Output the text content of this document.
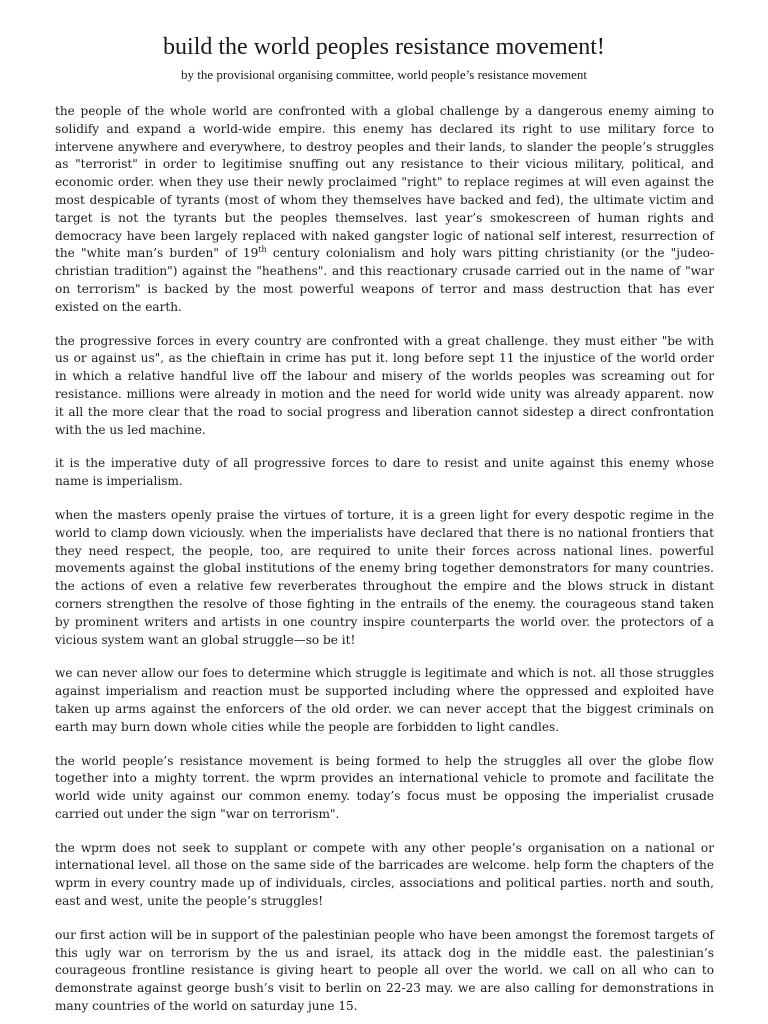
build the world peoples resistance movement!

by the provisional organising committee, world people’s resistance movement

the people of the whole world are confronted with a global challenge by a dangerous enemy aiming to solidify and expand a world-wide empire. this enemy has declared its right to use military force to intervene anywhere and everywhere, to destroy peoples and their lands, to slander the people’s struggles as "terrorist" in order to legitimise snuffing out any resistance to their vicious military, political, and economic order. when they use their newly proclaimed "right" to replace regimes at will even against the most despicable of tyrants (most of whom they themselves have backed and fed), the ultimate victim and target is not the tyrants but the peoples themselves. last year’s smokescreen of human rights and democracy have been largely replaced with naked gangster logic of national self interest, resurrection of the "white man’s burden" of 19th century colonialism and holy wars pitting christianity (or the "judeo-christian tradition") against the "heathens". and this reactionary crusade carried out in the name of "war on terrorism" is backed by the most powerful weapons of terror and mass destruction that has ever existed on the earth.

the progressive forces in every country are confronted with a great challenge. they must either "be with us or against us", as the chieftain in crime has put it. long before sept 11 the injustice of the world order in which a relative handful live off the labour and misery of the worlds peoples was screaming out for resistance. millions were already in motion and the need for world wide unity was already apparent. now it all the more clear that the road to social progress and liberation cannot sidestep a direct confrontation with the us led machine.

it is the imperative duty of all progressive forces to dare to resist and unite against this enemy whose name is imperialism.

when the masters openly praise the virtues of torture, it is a green light for every despotic regime in the world to clamp down viciously. when the imperialists have declared that there is no national frontiers that they need respect, the people, too, are required to unite their forces across national lines. powerful movements against the global institutions of the enemy bring together demonstrators for many countries. the actions of even a relative few reverberates throughout the empire and the blows struck in distant corners strengthen the resolve of those fighting in the entrails of the enemy. the courageous stand taken by prominent writers and artists in one country inspire counterparts the world over. the protectors of a vicious system want an global struggle—so be it!

we can never allow our foes to determine which struggle is legitimate and which is not. all those struggles against imperialism and reaction must be supported including where the oppressed and exploited have taken up arms against the enforcers of the old order. we can never accept that the biggest criminals on earth may burn down whole cities while the people are forbidden to light candles.

the world people’s resistance movement is being formed to help the struggles all over the globe flow together into a mighty torrent. the wprm provides an international vehicle to promote and facilitate the world wide unity against our common enemy. today’s focus must be opposing the imperialist crusade carried out under the sign "war on terrorism".

the wprm does not seek to supplant or compete with any other people’s organisation on a national or international level. all those on the same side of the barricades are welcome. help form the chapters of the wprm in every country made up of individuals, circles, associations and political parties. north and south, east and west, unite the people’s struggles!

our first action will be in support of the palestinian people who have been amongst the foremost targets of this ugly war on terrorism by the us and israel, its attack dog in the middle east. the palestinian’s courageous frontline resistance is giving heart to people all over the world. we call on all who can to demonstrate against george bush’s visit to berlin on 22-23 may. we are also calling for demonstrations in many countries of the world on saturday june 15.
